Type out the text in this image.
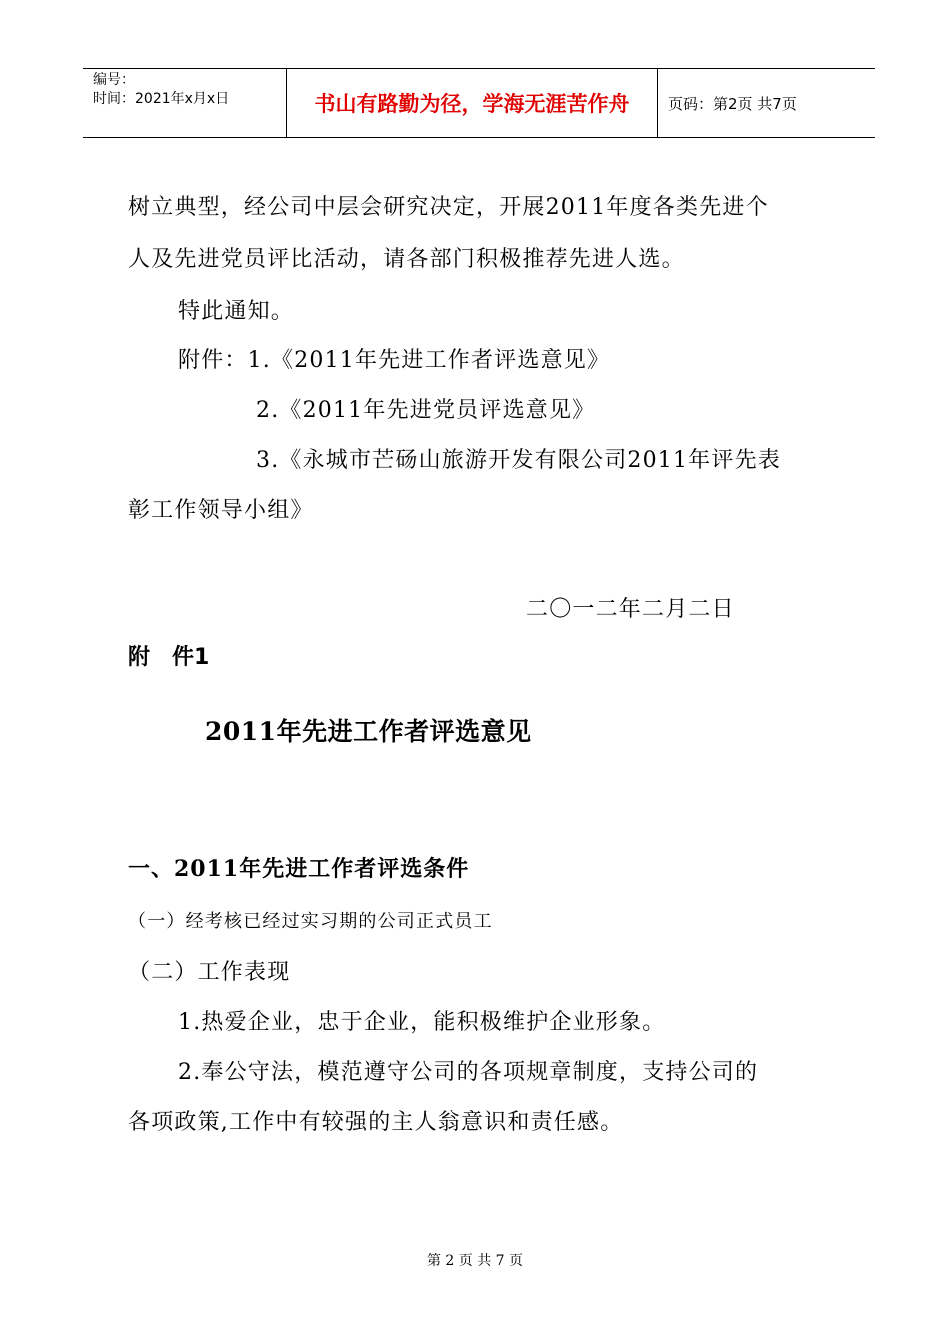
编号：
时间：2021年x月x日	书山有路勤为径，学海无涯苦作舟	页码：第2页 共7页
树立典型，经公司中层会研究决定，开展2011年度各类先进个
人及先进党员评比活动，请各部门积极推荐先进人选。
特此通知。
附件：1.《2011年先进工作者评选意见》
2.《2011年先进党员评选意见》
3.《永城市芒砀山旅游开发有限公司2011年评先表
彰工作领导小组》
二〇一二年二月二日
附　件1
2011年先进工作者评选意见
一、2011年先进工作者评选条件
（一）经考核已经过实习期的公司正式员工
（二）工作表现
1.热爱企业，忠于企业，能积极维护企业形象。
2.奉公守法，模范遵守公司的各项规章制度，支持公司的
各项政策,工作中有较强的主人翁意识和责任感。
第 2 页 共 7 页
